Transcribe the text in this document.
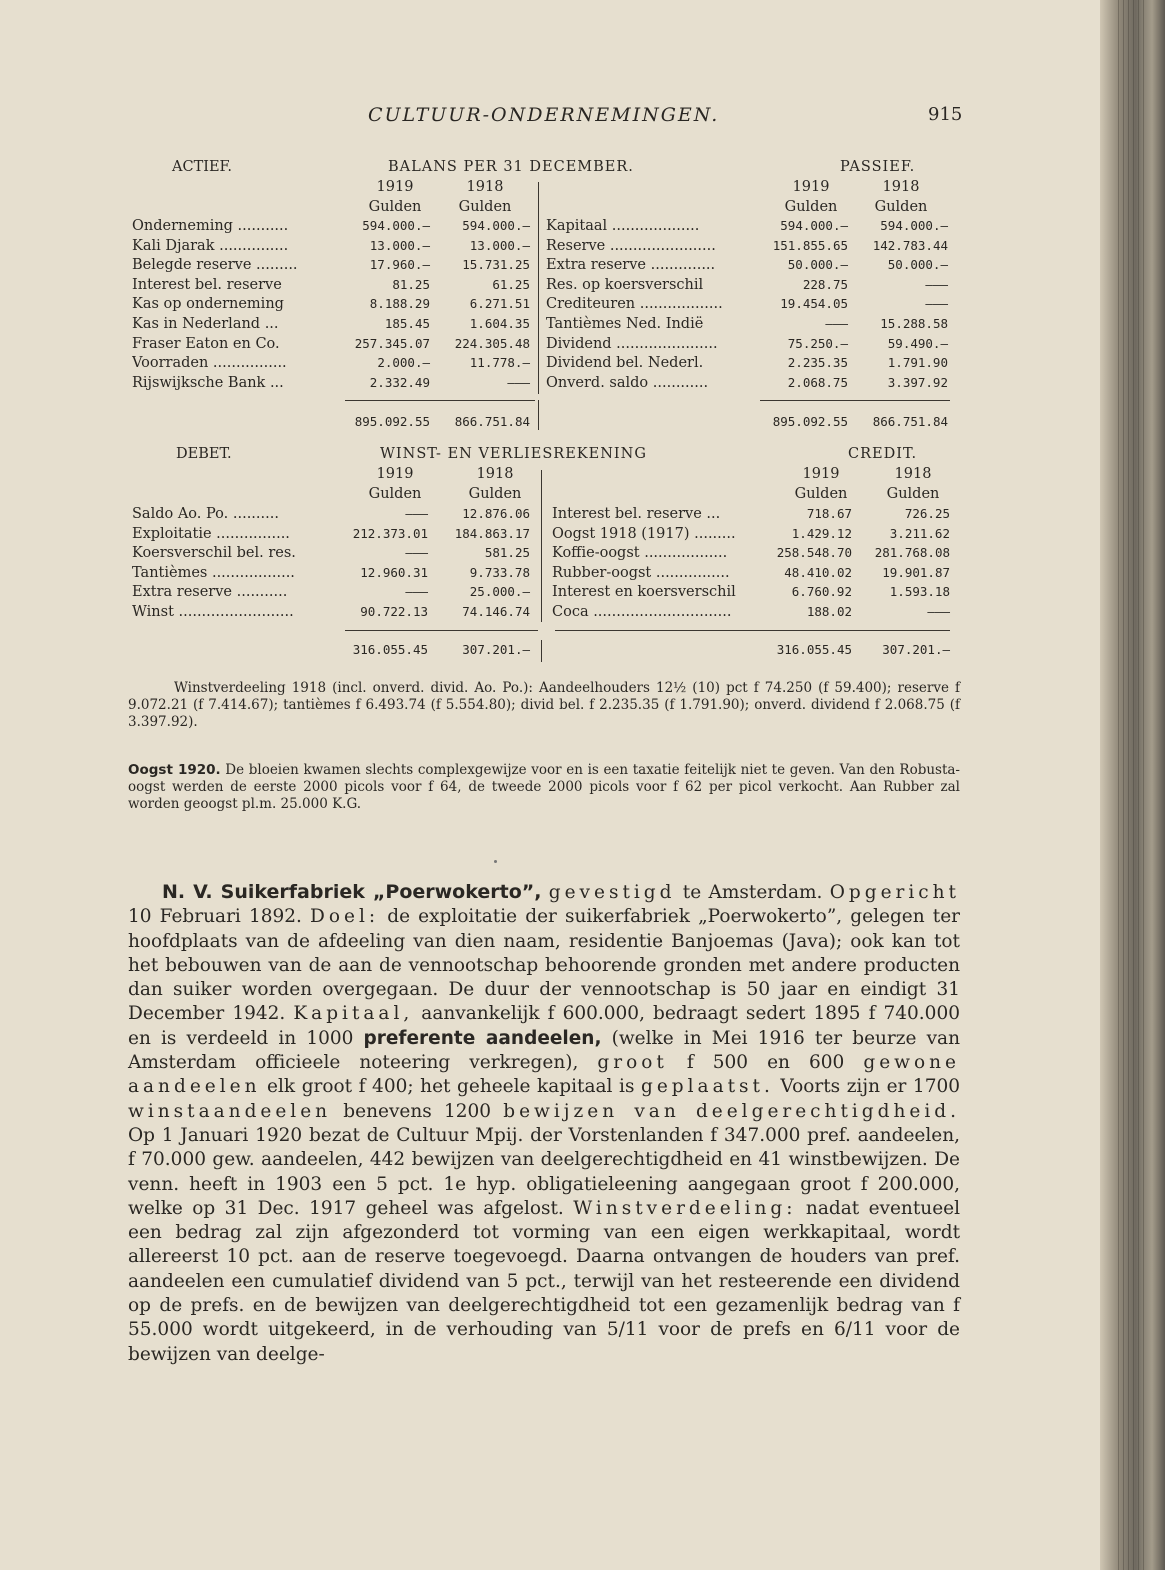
CULTUUR-ONDERNEMINGEN.	915
ACTIEF.	BALANS PER 31 DECEMBER.	PASSIEF.
1919	1918	1919	1918
Gulden	Gulden	Gulden	Gulden
Onderneming ...........	594.000.—	594.000.—
Kali Djarak ...............	13.000.—	13.000.—
Belegde reserve .........	17.960.—	15.731.25
Interest bel. reserve	81.25	61.25
Kas op onderneming	8.188.29	6.271.51
Kas in Nederland ...	185.45	1.604.35
Fraser Eaton en Co.	257.345.07	224.305.48
Voorraden ................	2.000.—	11.778.—
Rijswijksche Bank ...	2.332.49	———
Kapitaal ...................	594.000.—	594.000.—
Reserve .......................	151.855.65	142.783.44
Extra reserve ..............	50.000.—	50.000.—
Res. op koersverschil	228.75	———
Crediteuren ..................	19.454.05	———
Tantièmes Ned. Indië	———	15.288.58
Dividend ......................	75.250.—	59.490.—
Dividend bel. Nederl.	2.235.35	1.791.90
Onverd. saldo ............	2.068.75	3.397.92
895.092.55	866.751.84	895.092.55	866.751.84
DEBET.	WINST- EN VERLIESREKENING	CREDIT.
1919	1918	1919	1918
Gulden	Gulden	Gulden	Gulden
Saldo Ao. Po. ..........	———	12.876.06
Exploitatie ................	212.373.01	184.863.17
Koersverschil bel. res.	———	581.25
Tantièmes ..................	12.960.31	9.733.78
Extra reserve ...........	———	25.000.—
Winst .........................	90.722.13	74.146.74
Interest bel. reserve ...	718.67	726.25
Oogst 1918 (1917) .........	1.429.12	3.211.62
Koffie-oogst ..................	258.548.70	281.768.08
Rubber-oogst ................	48.410.02	19.901.87
Interest en koersverschil	6.760.92	1.593.18
Coca ..............................	188.02	———
316.055.45	307.201.—	316.055.45	307.201.—
Winstverdeeling 1918 (incl. onverd. divid. Ao. Po.): Aandeelhouders 12½ (10) pct f 74.250 (f 59.400); reserve f 9.072.21 (f 7.414.67); tantièmes f 6.493.74 (f 5.554.80); divid bel. f 2.235.35 (f 1.791.90); onverd. dividend f 2.068.75 (f 3.397.92).
Oogst 1920. De bloeien kwamen slechts complexgewijze voor en is een taxatie feitelijk niet te geven. Van den Robusta-oogst werden de eerste 2000 picols voor f 64, de tweede 2000 picols voor f 62 per picol verkocht. Aan Rubber zal worden geoogst pl.m. 25.000 K.G.
N. V. Suikerfabriek „Poerwokerto”, gevestigd te Amsterdam. Opgericht 10 Februari 1892. Doel: de exploitatie der suikerfabriek „Poerwokerto”, gelegen ter hoofdplaats van de afdeeling van dien naam, residentie Banjoemas (Java); ook kan tot het bebouwen van de aan de vennootschap behoorende gronden met andere producten dan suiker worden overgegaan. De duur der vennootschap is 50 jaar en eindigt 31 December 1942. Kapitaal, aanvankelijk f 600.000, bedraagt sedert 1895 f 740.000 en is verdeeld in 1000 preferente aandeelen, (welke in Mei 1916 ter beurze van Amsterdam officieele noteering verkregen), groot f 500 en 600 gewone aandeelen elk groot f 400; het geheele kapitaal is geplaatst. Voorts zijn er 1700 winstaandeelen benevens 1200 bewijzen van deelgerechtigdheid. Op 1 Januari 1920 bezat de Cultuur Mpij. der Vorstenlanden f 347.000 pref. aandeelen, f 70.000 gew. aandeelen, 442 bewijzen van deelgerechtigdheid en 41 winstbewijzen. De venn. heeft in 1903 een 5 pct. 1e hyp. obligatieleening aangegaan groot f 200.000, welke op 31 Dec. 1917 geheel was afgelost. Winstverdeeling: nadat eventueel een bedrag zal zijn afgezonderd tot vorming van een eigen werkkapitaal, wordt allereerst 10 pct. aan de reserve toegevoegd. Daarna ontvangen de houders van pref. aandeelen een cumulatief dividend van 5 pct., terwijl van het resteerende een dividend op de prefs. en de bewijzen van deelgerechtigdheid tot een gezamenlijk bedrag van f 55.000 wordt uitgekeerd, in de verhouding van 5/11 voor de prefs en 6/11 voor de bewijzen van deelge-
